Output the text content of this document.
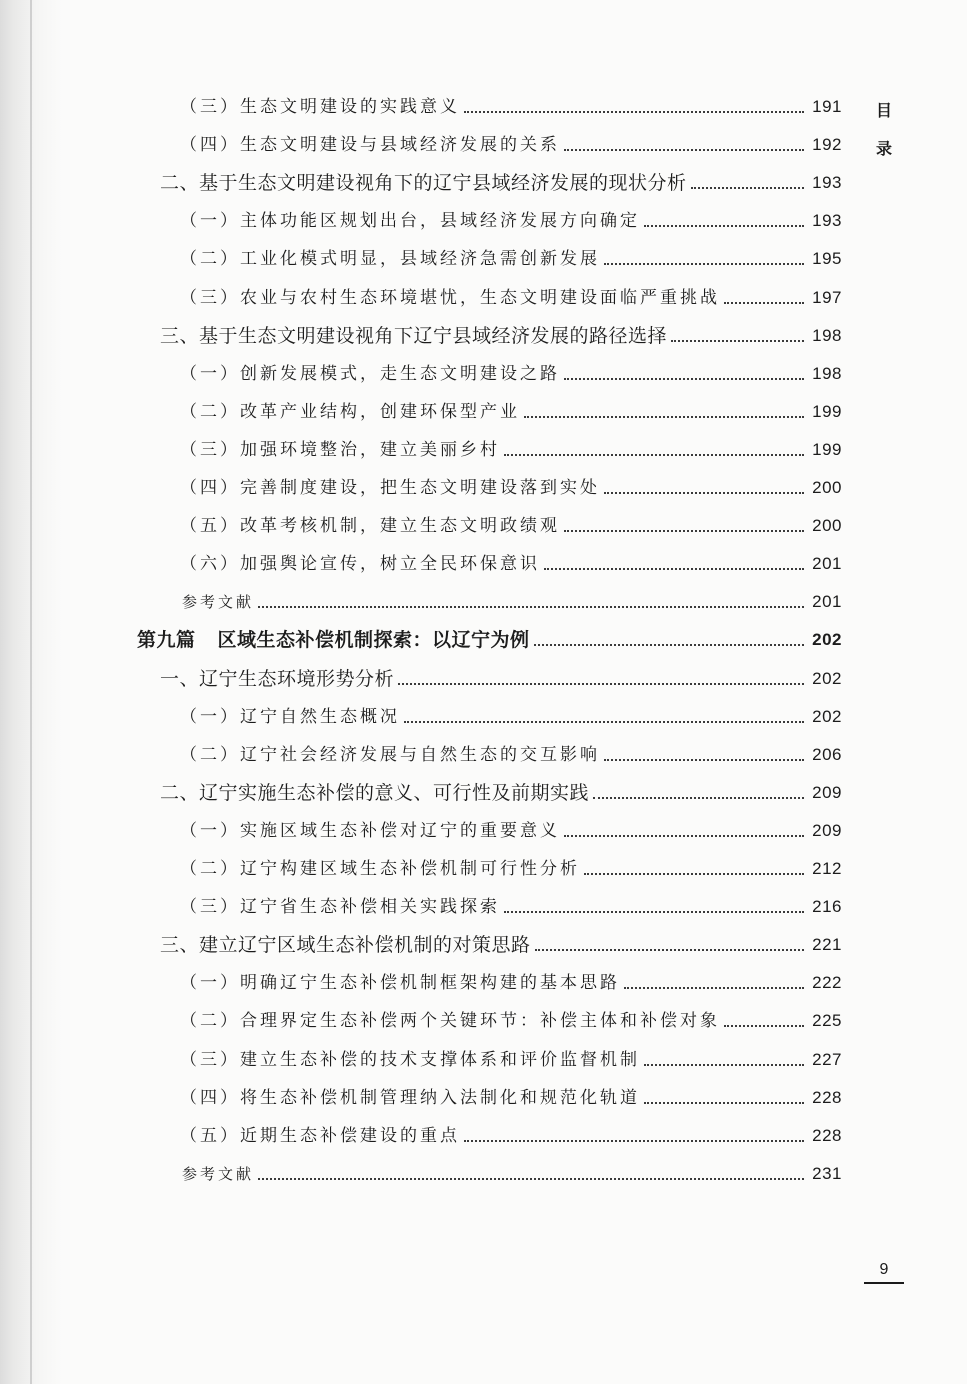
（三）生态文明建设的实践意义	191
（四）生态文明建设与县域经济发展的关系	192
二、基于生态文明建设视角下的辽宁县域经济发展的现状分析	193
（一）主体功能区规划出台，县域经济发展方向确定	193
（二）工业化模式明显，县域经济急需创新发展	195
（三）农业与农村生态环境堪忧，生态文明建设面临严重挑战	197
三、基于生态文明建设视角下辽宁县域经济发展的路径选择	198
（一）创新发展模式，走生态文明建设之路	198
（二）改革产业结构，创建环保型产业	199
（三）加强环境整治，建立美丽乡村	199
（四）完善制度建设，把生态文明建设落到实处	200
（五）改革考核机制，建立生态文明政绩观	200
（六）加强舆论宣传，树立全民环保意识	201
参考文献	201
第九篇 区域生态补偿机制探索：以辽宁为例	202
一、辽宁生态环境形势分析	202
（一）辽宁自然生态概况	202
（二）辽宁社会经济发展与自然生态的交互影响	206
二、辽宁实施生态补偿的意义、可行性及前期实践	209
（一）实施区域生态补偿对辽宁的重要意义	209
（二）辽宁构建区域生态补偿机制可行性分析	212
（三）辽宁省生态补偿相关实践探索	216
三、建立辽宁区域生态补偿机制的对策思路	221
（一）明确辽宁生态补偿机制框架构建的基本思路	222
（二）合理界定生态补偿两个关键环节：补偿主体和补偿对象	225
（三）建立生态补偿的技术支撑体系和评价监督机制	227
（四）将生态补偿机制管理纳入法制化和规范化轨道	228
（五）近期生态补偿建设的重点	228
参考文献	231
目
录
9
